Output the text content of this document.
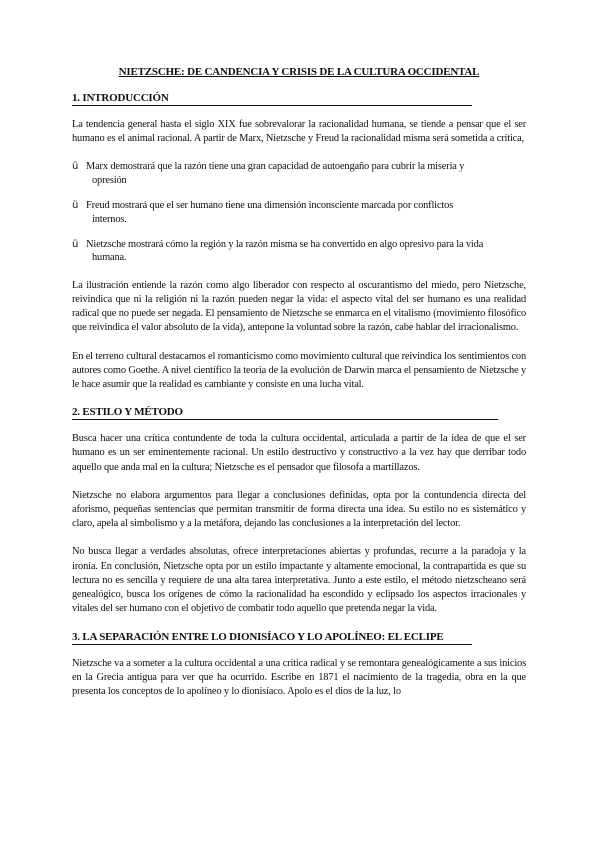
NIETZSCHE: DE CANDENCIA Y CRISIS DE LA CULTURA OCCIDENTAL
1. INTRODUCCIÓN

La tendencia general hasta el siglo XIX fue sobrevalorar la racionalidad humana, se tiende a pensar que el ser humano es el animal racional. A partir de Marx, Nietzsche y Freud la racionalidad misma será sometida a crítica,

ü Marx demostrará que la razón tiene una gran capacidad de autoengaño para cubrir la miseria y
opresión
ü Freud mostrará que el ser humano tiene una dimensión inconsciente marcada por conflictos
internos.
ü Nietzsche mostrará cómo la región y la razón misma se ha convertido en algo opresivo para la vida
humana.

La ilustración entiende la razón como algo liberador con respecto al oscurantismo del miedo, pero Nietzsche, reivindica que ni la religión ni la razón pueden negar la vida: el aspecto vital del ser humano es una realidad radical que no puede ser negada. El pensamiento de Nietzsche se enmarca en el vitalismo (movimiento filosófico que reivindica el valor absoluto de la vida), antepone la voluntad sobre la razón, cabe hablar del irracionalismo.

En el terreno cultural destacamos el romanticismo como movimiento cultural que reivindica los sentimientos con autores como Goethe. A nivel científico la teoría de la evolución de Darwin marca el pensamiento de Nietzsche y le hace asumir que la realidad es cambiante y consiste en una lucha vital.

2. ESTILO Y MÉTODO

Busca hacer una crítica contundente de toda la cultura occidental, articulada a partir de la idea de que el ser humano es un ser eminentemente racional. Un estilo destructivo y constructivo a la vez hay que derribar todo aquello que anda mal en la cultura; Nietzsche es el pensador que filosofa a martillazos.

Nietzsche no elabora argumentos para llegar a conclusiones definidas, opta por la contundencia directa del aforismo, pequeñas sentencias que permitan transmitir de forma directa una idea. Su estilo no es sistemático y claro, apela al simbolismo y a la metáfora, dejando las conclusiones a la interpretación del lector.

No busca llegar a verdades absolutas, ofrece interpretaciones abiertas y profundas, recurre a la paradoja y la ironía. En conclusión, Nietzsche opta por un estilo impactante y altamente emocional, la contrapartida es que su lectura no es sencilla y requiere de una alta tarea interpretativa. Junto a este estilo, el método nietzscheano será genealógico, busca los orígenes de cómo la racionalidad ha escondido y eclipsado los aspectos irracionales y vitales del ser humano con el objetivo de combatir todo aquello que pretenda negar la vida.

3. LA SEPARACIÓN ENTRE LO DIONISÍACO Y LO APOLÍNEO: EL ECLIPE

Nietzsche va a someter a la cultura occidental a una crítica radical y se remontara genealógicamente a sus inicios en la Grecia antigua para ver que ha ocurrido. Escribe en 1871 el nacimiento de la tragedia, obra en la que presenta los conceptos de lo apolíneo y lo dionisíaco. Apolo es el dios de la luz, lo
